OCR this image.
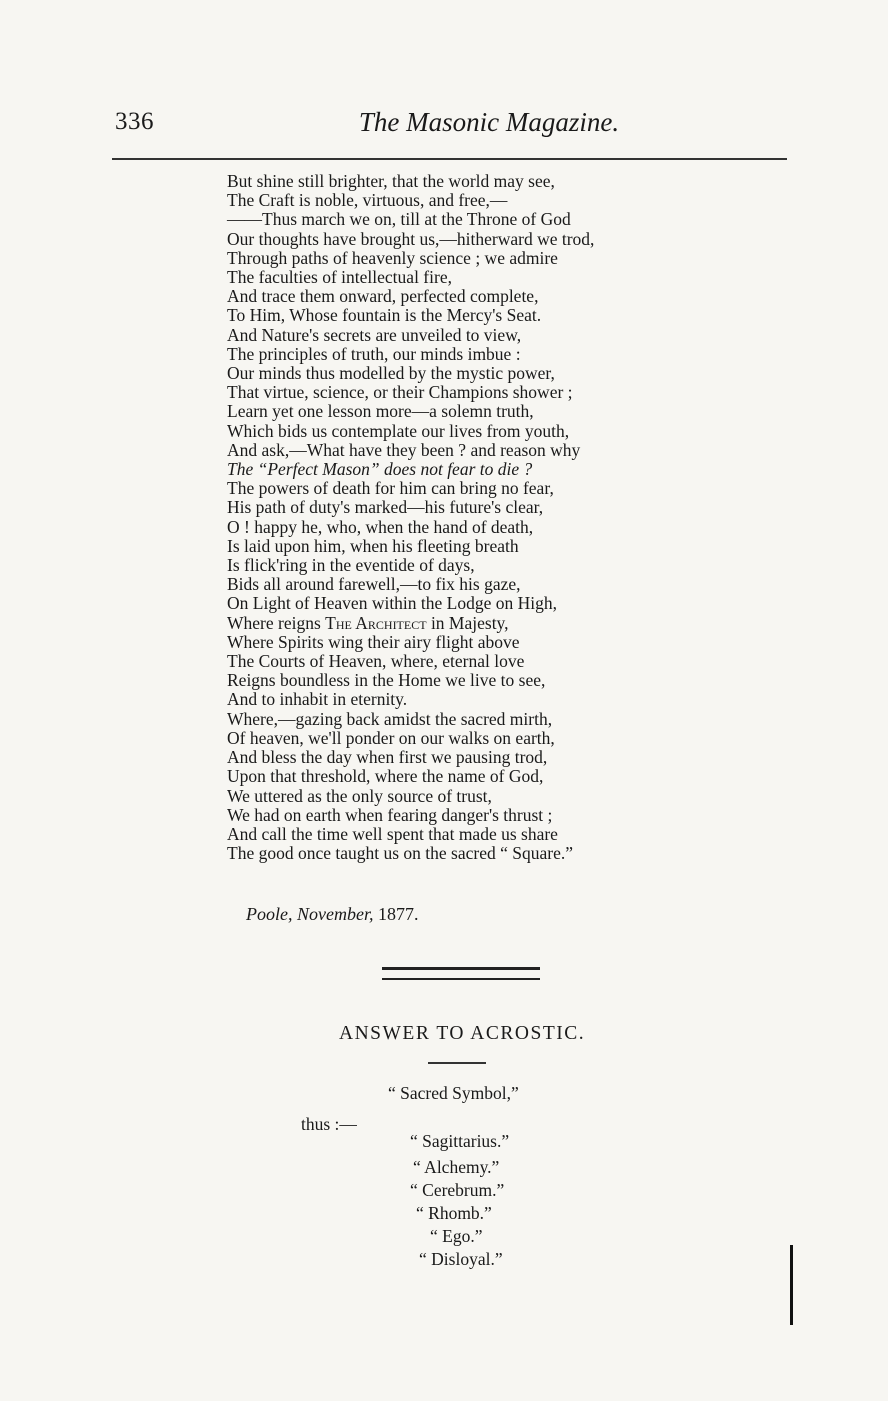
336	The Masonic Magazine.
But shine still brighter, that the world may see,
The Craft is noble, virtuous, and free,—
——Thus march we on, till at the Throne of God
Our thoughts have brought us,—hitherward we trod,
Through paths of heavenly science ; we admire
The faculties of intellectual fire,
And trace them onward, perfected complete,
To Him, Whose fountain is the Mercy's Seat.
And Nature's secrets are unveiled to view,
The principles of truth, our minds imbue :
Our minds thus modelled by the mystic power,
That virtue, science, or their Champions shower ;
Learn yet one lesson more—a solemn truth,
Which bids us contemplate our lives from youth,
And ask,—What have they been ? and reason why
The “Perfect Mason” does not fear to die ?
The powers of death for him can bring no fear,
His path of duty's marked—his future's clear,
O ! happy he, who, when the hand of death,
Is laid upon him, when his fleeting breath
Is flick'ring in the eventide of days,
Bids all around farewell,—to fix his gaze,
On Light of Heaven within the Lodge on High,
Where reigns The Architect in Majesty,
Where Spirits wing their airy flight above
The Courts of Heaven, where, eternal love
Reigns boundless in the Home we live to see,
And to inhabit in eternity.
Where,—gazing back amidst the sacred mirth,
Of heaven, we'll ponder on our walks on earth,
And bless the day when first we pausing trod,
Upon that threshold, where the name of God,
We uttered as the only source of trust,
We had on earth when fearing danger's thrust ;
And call the time well spent that made us share
The good once taught us on the sacred “ Square.”
Poole, November, 1877.
ANSWER TO ACROSTIC.
“ Sacred Symbol,”
thus :—
“ Sagittarius.”
“ Alchemy.”
“ Cerebrum.”
“ Rhomb.”
“ Ego.”
“ Disloyal.”
